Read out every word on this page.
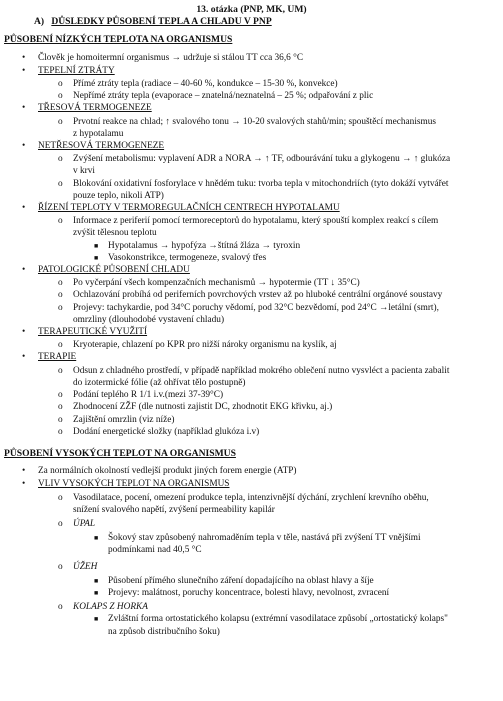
13. otázka (PNP, MK, UM)
A) DŮSLEDKY PŮSOBENÍ TEPLA A CHLADU V PNP
PŮSOBENÍ NÍZKÝCH TEPLOTA NA ORGANISMUS
• Člověk je homoitermní organismus → udržuje si stálou TT cca 36,6 °C
• TEPELNÍ ZTRÁTY
o Přímé ztráty tepla (radiace – 40-60 %, kondukce – 15-30 %, konvekce)
o Nepřímé ztráty tepla (evaporace – znatelná/neznatelná – 25 %; odpařování z plic
• TŘESOVÁ TERMOGENEZE
o Prvotní reakce na chlad; ↑ svalového tonu → 10-20 svalových stahů/min; spouštěcí mechanismus
z hypotalamu
• NETŘESOVÁ TERMOGENEZE
o Zvýšení metabolismu: vyplavení ADR a NORA → ↑ TF, odbourávání tuku a glykogenu → ↑ glukóza
v krvi
o Blokování oxidativní fosforylace v hnědém tuku: tvorba tepla v mitochondriích (tyto dokáží vytvářet
pouze teplo, nikoli ATP)
• ŘÍZENÍ TEPLOTY V TERMOREGULAČNÍCH CENTRECH HYPOTALAMU
o Informace z periferií pomocí termoreceptorů do hypotalamu, který spouští komplex reakcí s cílem
zvýšit tělesnou teplotu
■ Hypotalamus → hypofýza →štítná žláza → tyroxin
■ Vasokonstrikce, termogeneze, svalový třes
• PATOLOGICKÉ PŮSOBENÍ CHLADU
o Po vyčerpání všech kompenzačních mechanismů → hypotermie (TT ↓ 35°C)
o Ochlazování probíhá od periferních povrchových vrstev až po hluboké centrální orgánové soustavy
o Projevy: tachykardie, pod 34°C poruchy vědomí, pod 32°C bezvědomí, pod 24°C →letální (smrt),
omrzliny (dlouhodobé vystavení chladu)
• TERAPEUTICKÉ VYUŽITÍ
o Kryoterapie, chlazení po KPR pro nižší nároky organismu na kyslík, aj
• TERAPIE
o Odsun z chladného prostředí, v případě například mokrého oblečení nutno vysvléct a pacienta zabalit
do izotermické fólie (až ohřívat tělo postupně)
o Podání teplého R 1/1 i.v.(mezi 37-39°C)
o Zhodnocení ZŽF (dle nutnosti zajistit DC, zhodnotit EKG křivku, aj.)
o Zajištění omrzlin (viz níže)
o Dodání energetické složky (například glukóza i.v)
PŮSOBENÍ VYSOKÝCH TEPLOT NA ORGANISMUS
• Za normálních okolností vedlejší produkt jiných forem energie (ATP)
• VLIV VYSOKÝCH TEPLOT NA ORGANISMUS
o Vasodilatace, pocení, omezení produkce tepla, intenzivnější dýchání, zrychlení krevního oběhu,
snížení svalového napětí, zvýšení permeability kapilár
o ÚPAL
■ Šokový stav způsobený nahromaděním tepla v těle, nastává při zvýšení TT vnějšími
podmínkami nad 40,5 °C
o ÚŽEH
■ Působení přímého slunečního záření dopadajícího na oblast hlavy a šíje
■ Projevy: malátnost, poruchy koncentrace, bolesti hlavy, nevolnost, zvracení
o KOLAPS Z HORKA
■ Zvláštní forma ortostatického kolapsu (extrémní vasodilatace způsobí „ortostatický kolaps"
na způsob distribučního šoku)
